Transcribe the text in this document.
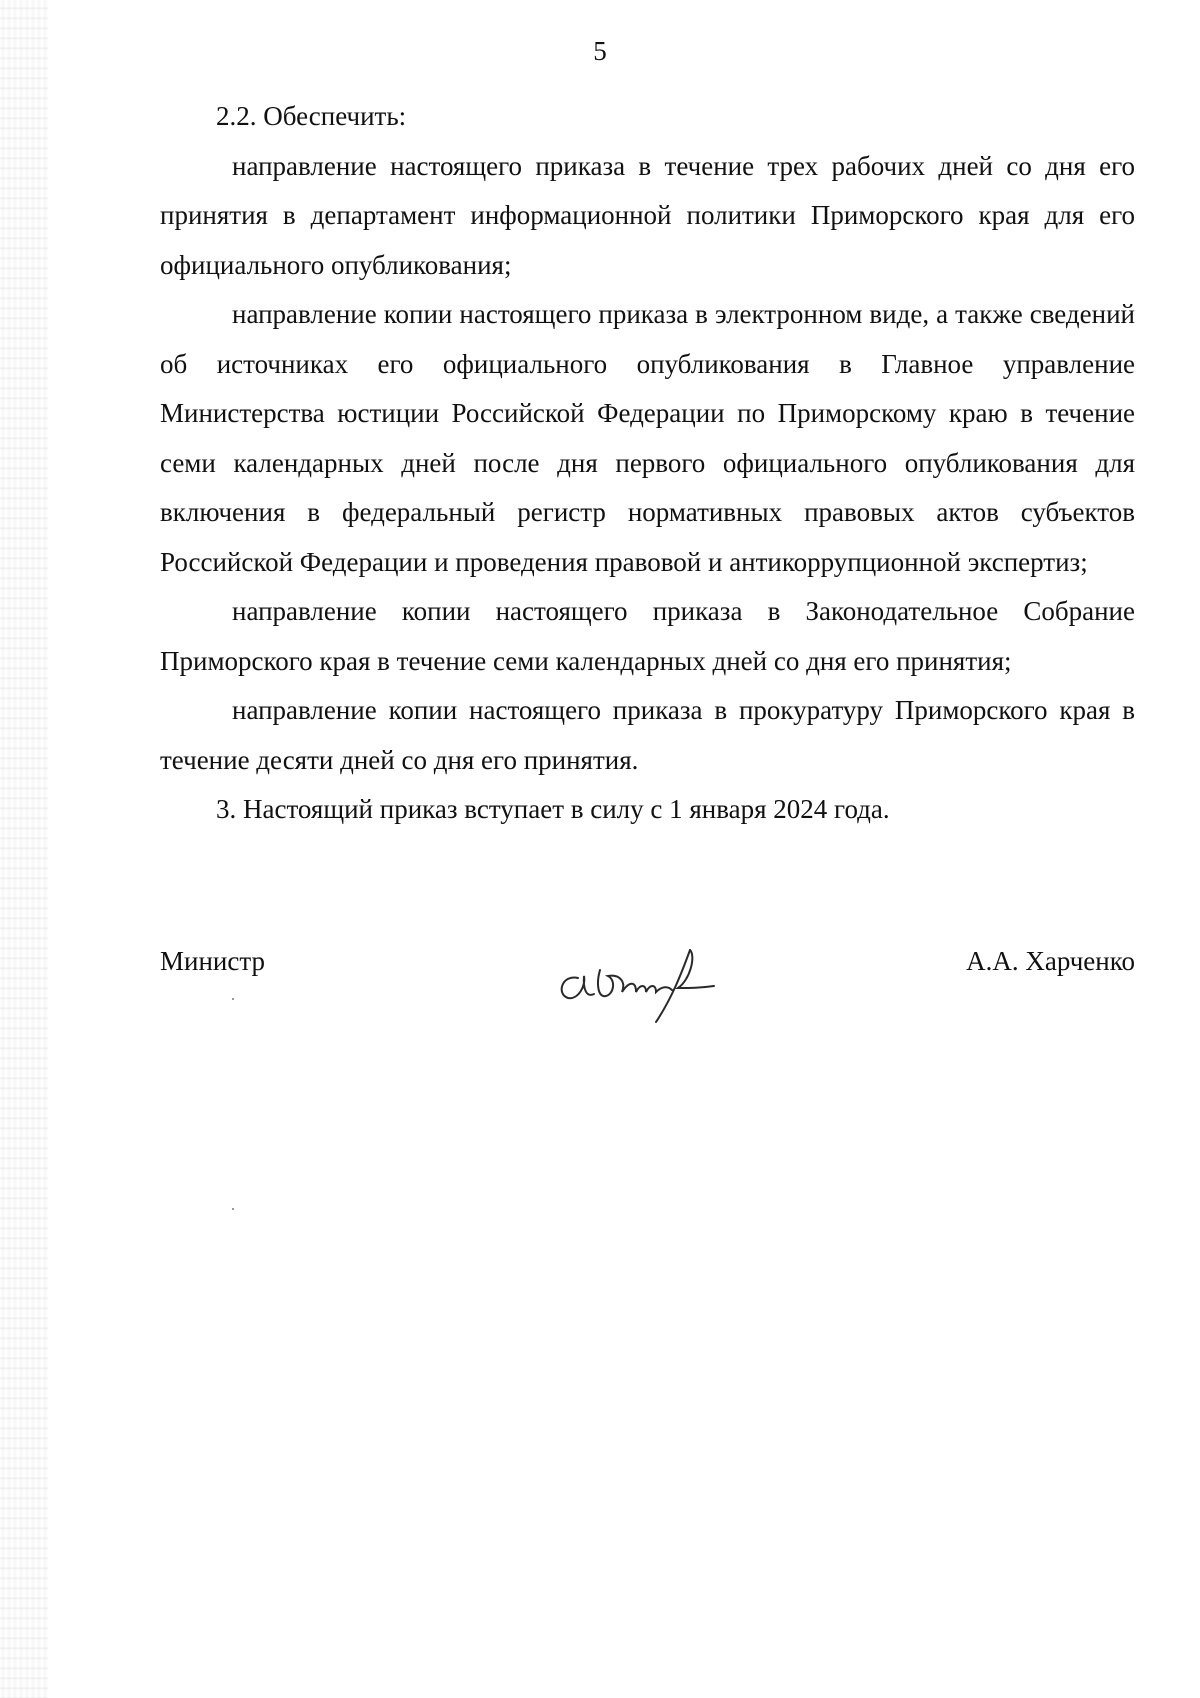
5

2.2. Обеспечить:

направление настоящего приказа в течение трех рабочих дней со дня его принятия в департамент информационной политики Приморского края для его официального опубликования;

направление копии настоящего приказа в электронном виде, а также сведений об источниках его официального опубликования в Главное управление Министерства юстиции Российской Федерации по Приморскому краю в течение семи календарных дней после дня первого официального опубликования для включения в федеральный регистр нормативных правовых актов субъектов Российской Федерации и проведения правовой и антикоррупционной экспертиз;

направление копии настоящего приказа в Законодательное Собрание Приморского края в течение семи календарных дней со дня его принятия;

направление копии настоящего приказа в прокуратуру Приморского края в течение десяти дней со дня его принятия.

3. Настоящий приказ вступает в силу с 1 января 2024 года.

Министр	А.А. Харченко
